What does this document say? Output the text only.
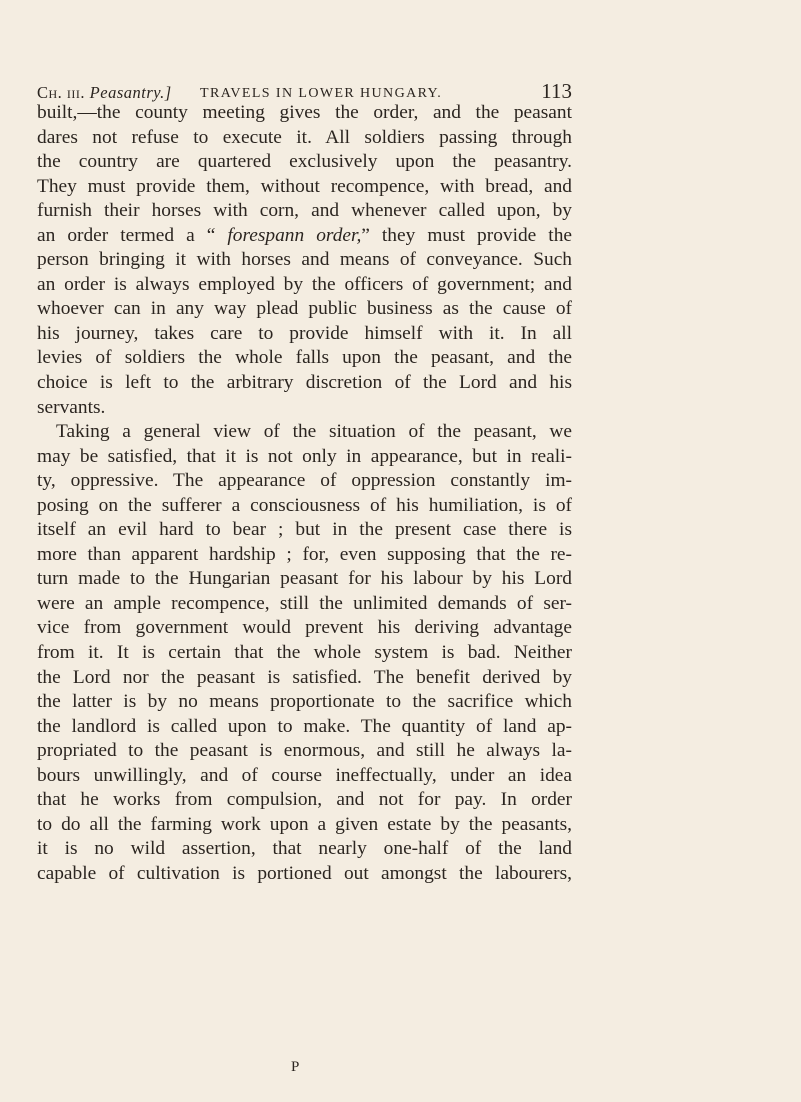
Ch. iii. Peasantry.] TRAVELS IN LOWER HUNGARY.	113
built,—the county meeting gives the order, and the peasant
dares not refuse to execute it. All soldiers passing through
the country are quartered exclusively upon the peasantry.
They must provide them, without recompence, with bread, and
furnish their horses with corn, and whenever called upon, by
an order termed a “ forespann order,” they must provide the
person bringing it with horses and means of conveyance. Such
an order is always employed by the officers of government; and
whoever can in any way plead public business as the cause of
his journey, takes care to provide himself with it. In all
levies of soldiers the whole falls upon the peasant, and the
choice is left to the arbitrary discretion of the Lord and his
servants.
Taking a general view of the situation of the peasant, we
may be satisfied, that it is not only in appearance, but in reali-
ty, oppressive. The appearance of oppression constantly im-
posing on the sufferer a consciousness of his humiliation, is of
itself an evil hard to bear ; but in the present case there is
more than apparent hardship ; for, even supposing that the re-
turn made to the Hungarian peasant for his labour by his Lord
were an ample recompence, still the unlimited demands of ser-
vice from government would prevent his deriving advantage
from it. It is certain that the whole system is bad. Neither
the Lord nor the peasant is satisfied. The benefit derived by
the latter is by no means proportionate to the sacrifice which
the landlord is called upon to make. The quantity of land ap-
propriated to the peasant is enormous, and still he always la-
bours unwillingly, and of course ineffectually, under an idea
that he works from compulsion, and not for pay. In order
to do all the farming work upon a given estate by the peasants,
it is no wild assertion, that nearly one-half of the land
capable of cultivation is portioned out amongst the labourers,
P
